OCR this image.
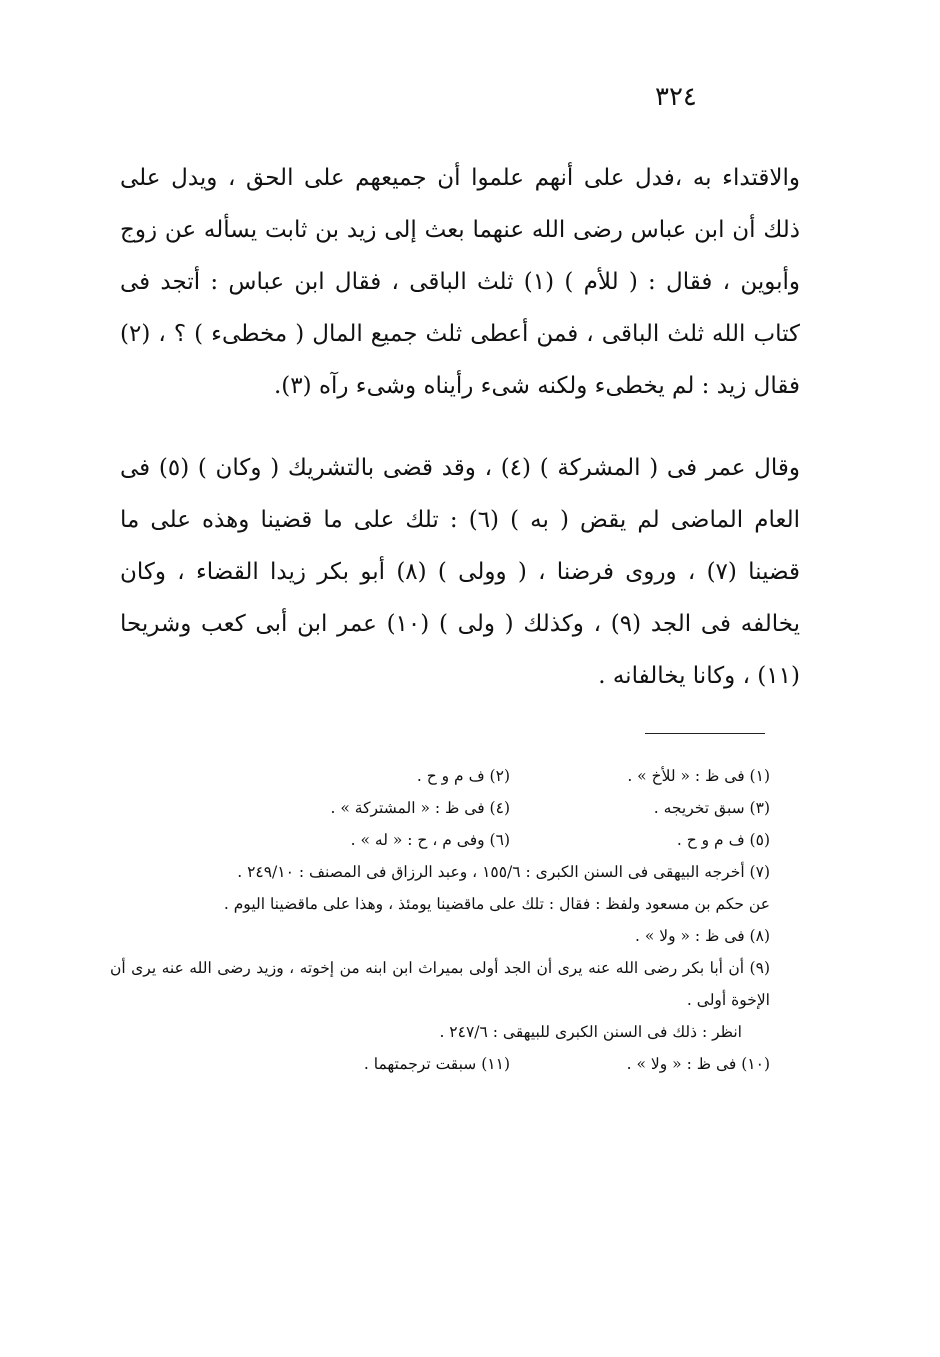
٣٢٤

والاقتداء به ،فدل على أنهم علموا أن جميعهم على الحق ، ويدل على ذلك أن ابن عباس رضى الله عنهما بعث إلى زيد بن ثابت يسأله عن زوج وأبوين ، فقال : ( للأم ) (١) ثلث الباقى ، فقال ابن عباس : أتجد فى كتاب الله ثلث الباقى ، فمن أعطى ثلث جميع المال ( مخطىء ) ؟ ، (٢) فقال زيد : لم يخطىء ولكنه شىء رأيناه وشىء رآه (٣).

وقال عمر فى ( المشركة ) (٤) ، وقد قضى بالتشريك ( وكان ) (٥) فى العام الماضى لم يقض ( به ) (٦) : تلك على ما قضينا وهذه على ما قضينا (٧) ، وروى فرضنا ، ( وولى ) (٨) أبو بكر زيدا القضاء ، وكان يخالفه فى الجد (٩) ، وكذلك ( ولى ) (١٠) عمر ابن أبى كعب وشريحا (١١) ، وكانا يخالفانه .

(١) فى ظ : « للأخ » .
(٢) ف م و ح .
(٣) سبق تخريجه .
(٤) فى ظ : « المشتركة » .
(٥) ف م و ح .
(٦) وفى م ، ح : « له » .
(٧) أخرجه البيهقى فى السنن الكبرى : ١٥٥/٦ ، وعبد الرزاق فى المصنف : ٢٤٩/١٠ .
عن حكم بن مسعود ولفظ : فقال : تلك على ماقضينا يومئذ ، وهذا على ماقضينا اليوم .
(٨) فى ظ : « ولا » .
(٩) أن أبا بكر رضى الله عنه يرى أن الجد أولى بميراث ابن ابنه من إخوته ، وزيد رضى الله عنه يرى أن الإخوة أولى .
انظر : ذلك فى السنن الكبرى للبيهقى : ٢٤٧/٦ .
(١٠) فى ظ : « ولا » .
(١١) سبقت ترجمتهما .
